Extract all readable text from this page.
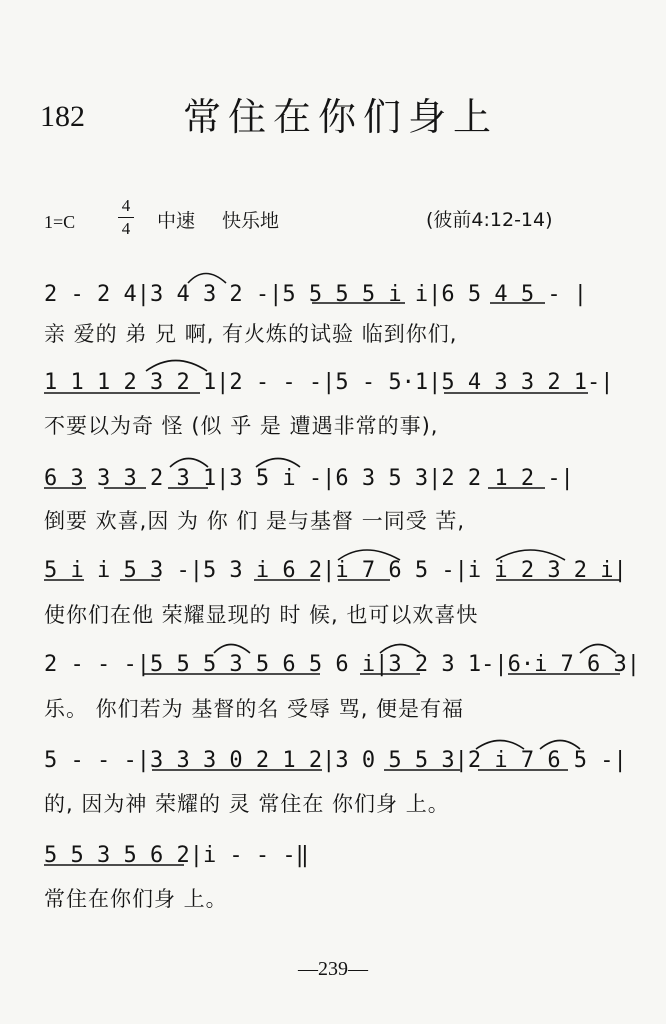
182	常住在你们身上
1=C
4
4 中速 快乐地	(彼前4:12-14)
2 - 2 4|3 4 3 2 -|5 5 5 5 i i|6 5 4 5 - |
亲 爱的 弟 兄 啊, 有火炼的试验 临到你们,
1 1 1 2 3 2 1|2 - - -|5 - 5·1|5 4 3 3 2 1-|
不要以为奇 怪 (似 乎 是 遭遇非常的事),
6 3 3 3 2 3 1|3 5 i -|6 3 5 3|2 2 1 2 -|
倒要 欢喜,因 为 你 们 是与基督 一同受 苦,
5 i i 5 3 -|5 3 i 6 2|i 7 6 5 -|i i 2 3 2 i|
使你们在他 荣耀显现的 时 候, 也可以欢喜快
2 - - -|5 5 5 3 5 6 5 6 i|3 2 3 1-|6·i 7 6 3|
乐。 你们若为 基督的名 受辱 骂, 便是有福
5 - - -|3 3 3 0 2 1 2|3 0 5 5 3|2 i 7 6 5 -|
的, 因为神 荣耀的 灵 常住在 你们身 上。
5 5 3 5 6 2|i - - -‖
常住在你们身 上。
—239—
